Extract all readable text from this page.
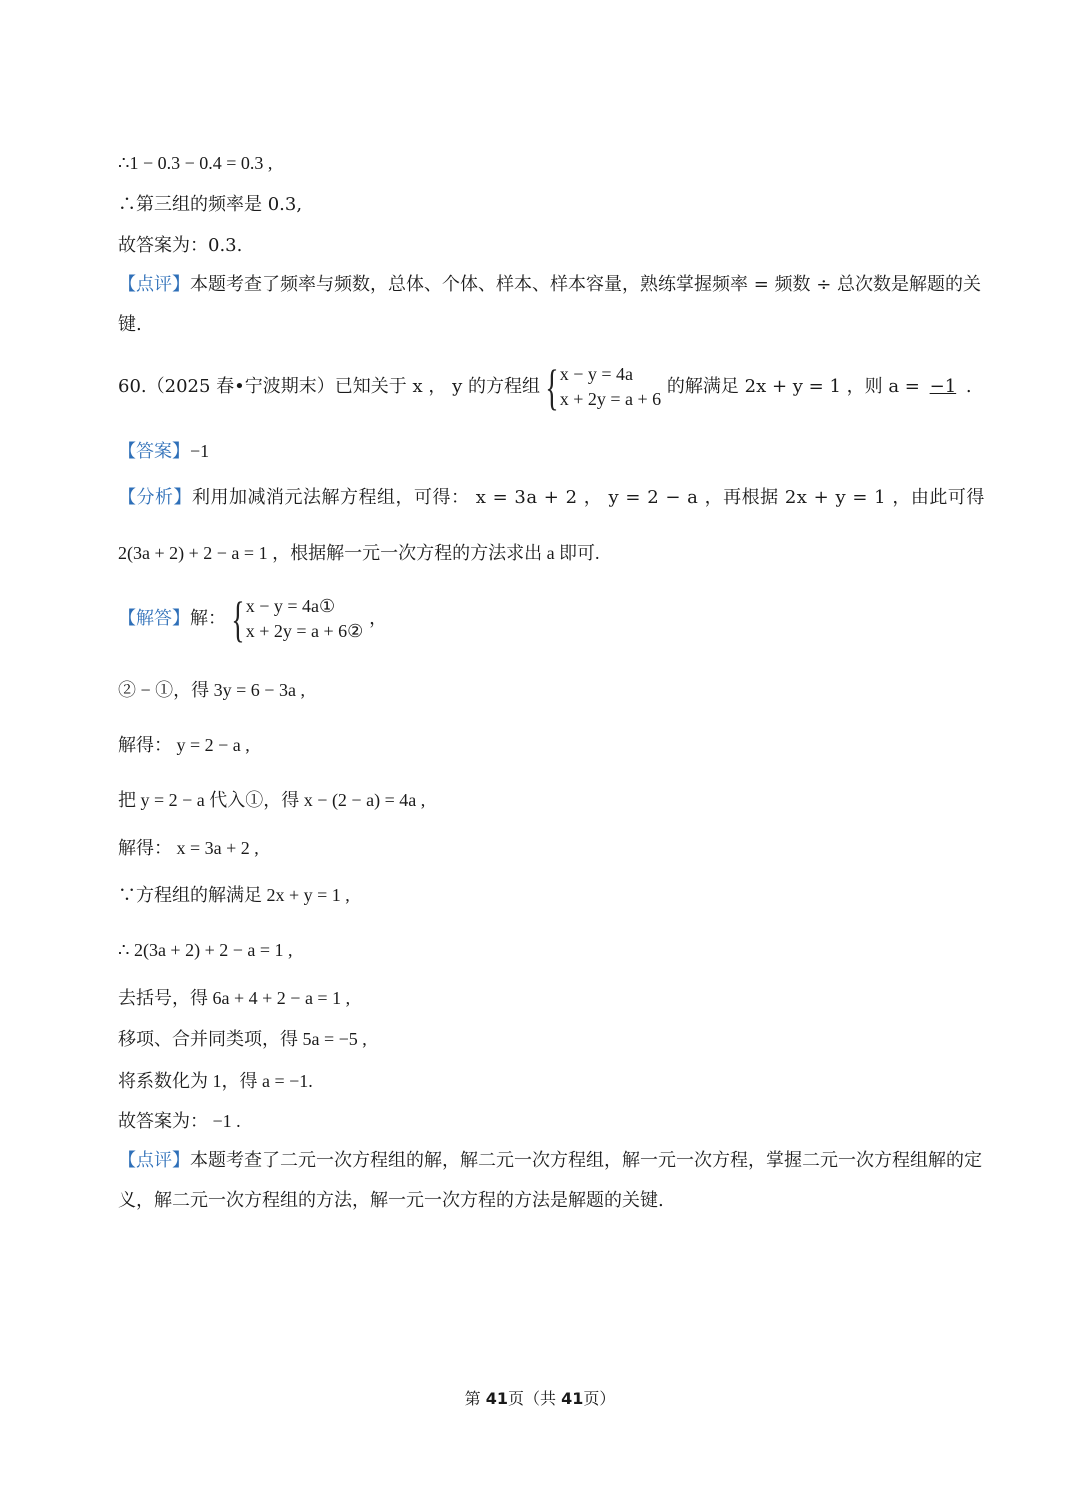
∴1 − 0.3 − 0.4 = 0.3 ,
∴第三组的频率是 0.3,
故答案为：0.3.
【点评】本题考查了频率与频数，总体、个体、样本、样本容量，熟练掌握频率 = 频数 ÷ 总次数是解题的关键.
60.（2025 春•宁波期末）已知关于 x ， y 的方程组 { x − y = 4a
x + 2y = a + 6
的解满足 2x + y = 1 ，则 a = −1 .
【答案】−1
【分析】利用加减消元法解方程组，可得： x = 3a + 2 ， y = 2 − a ，再根据 2x + y = 1 ，由此可得
2(3a + 2) + 2 − a = 1 ，根据解一元一次方程的方法求出 a 即可.
【解答】解： { x − y = 4a①
x + 2y = a + 6②
，
② − ①，得 3y = 6 − 3a ,
解得： y = 2 − a ,
把 y = 2 − a 代入①，得 x − (2 − a) = 4a ,
解得： x = 3a + 2 ,
∵方程组的解满足 2x + y = 1 ,
∴ 2(3a + 2) + 2 − a = 1 ,
去括号，得 6a + 4 + 2 − a = 1 ,
移项、合并同类项，得 5a = −5 ,
将系数化为 1，得 a = −1.
故答案为： −1 .
【点评】本题考查了二元一次方程组的解，解二元一次方程组，解一元一次方程，掌握二元一次方程组解的定义，解二元一次方程组的方法，解一元一次方程的方法是解题的关键.
第 41页（共 41页）
